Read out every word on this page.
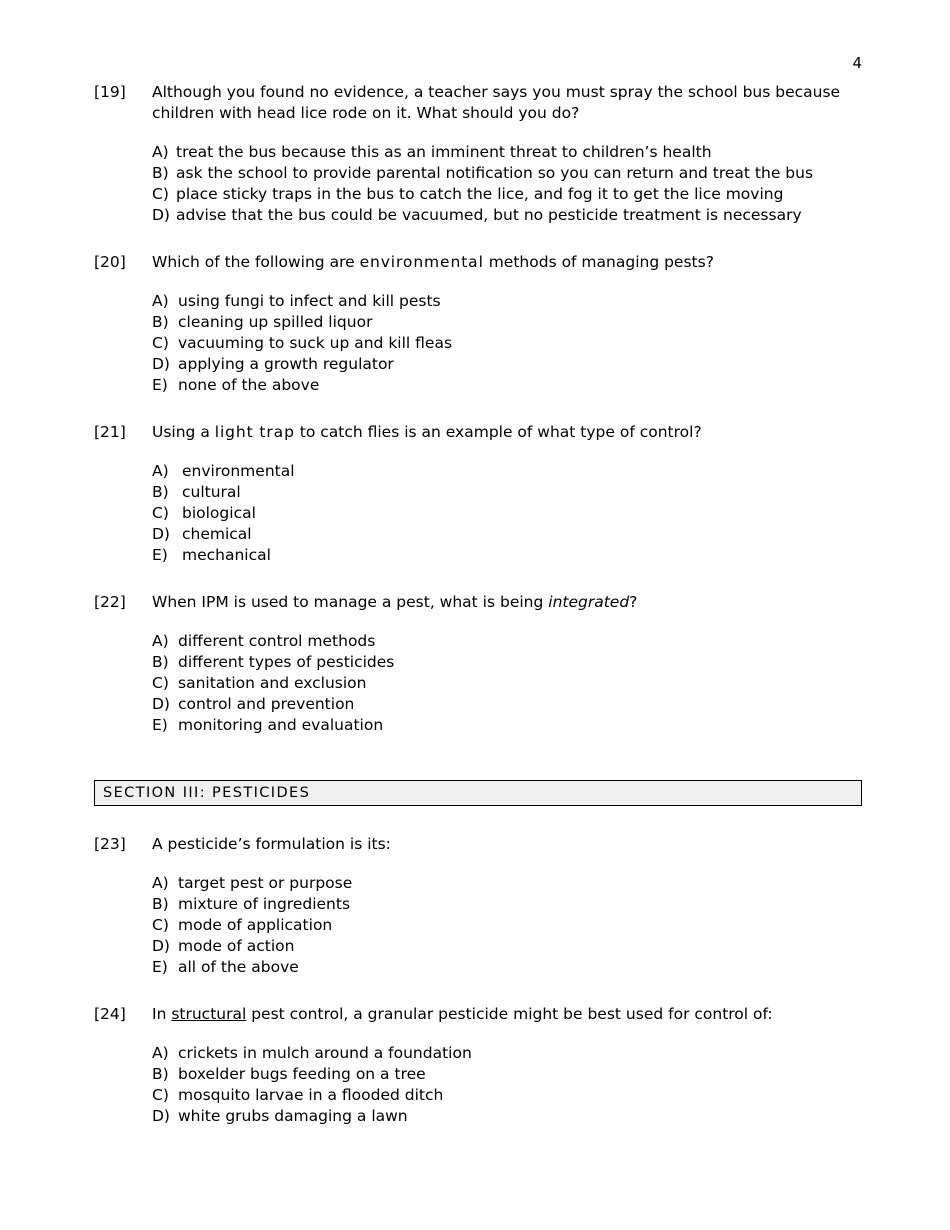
4
[19]	Although you found no evidence, a teacher says you must spray the school bus because children with head lice rode on it. What should you do?
A) treat the bus because this as an imminent threat to children’s health
B) ask the school to provide parental notification so you can return and treat the bus
C) place sticky traps in the bus to catch the lice, and fog it to get the lice moving
D) advise that the bus could be vacuumed, but no pesticide treatment is necessary
[20]	Which of the following are environmental methods of managing pests?
A) using fungi to infect and kill pests
B) cleaning up spilled liquor
C) vacuuming to suck up and kill fleas
D) applying a growth regulator
E) none of the above
[21]	Using a light trap to catch flies is an example of what type of control?
A) environmental
B) cultural
C) biological
D) chemical
E) mechanical
[22]	When IPM is used to manage a pest, what is being integrated?
A) different control methods
B) different types of pesticides
C) sanitation and exclusion
D) control and prevention
E) monitoring and evaluation
SECTION III: PESTICIDES
[23]	A pesticide’s formulation is its:
A) target pest or purpose
B) mixture of ingredients
C) mode of application
D) mode of action
E) all of the above
[24]	In structural pest control, a granular pesticide might be best used for control of:
A) crickets in mulch around a foundation
B) boxelder bugs feeding on a tree
C) mosquito larvae in a flooded ditch
D) white grubs damaging a lawn
